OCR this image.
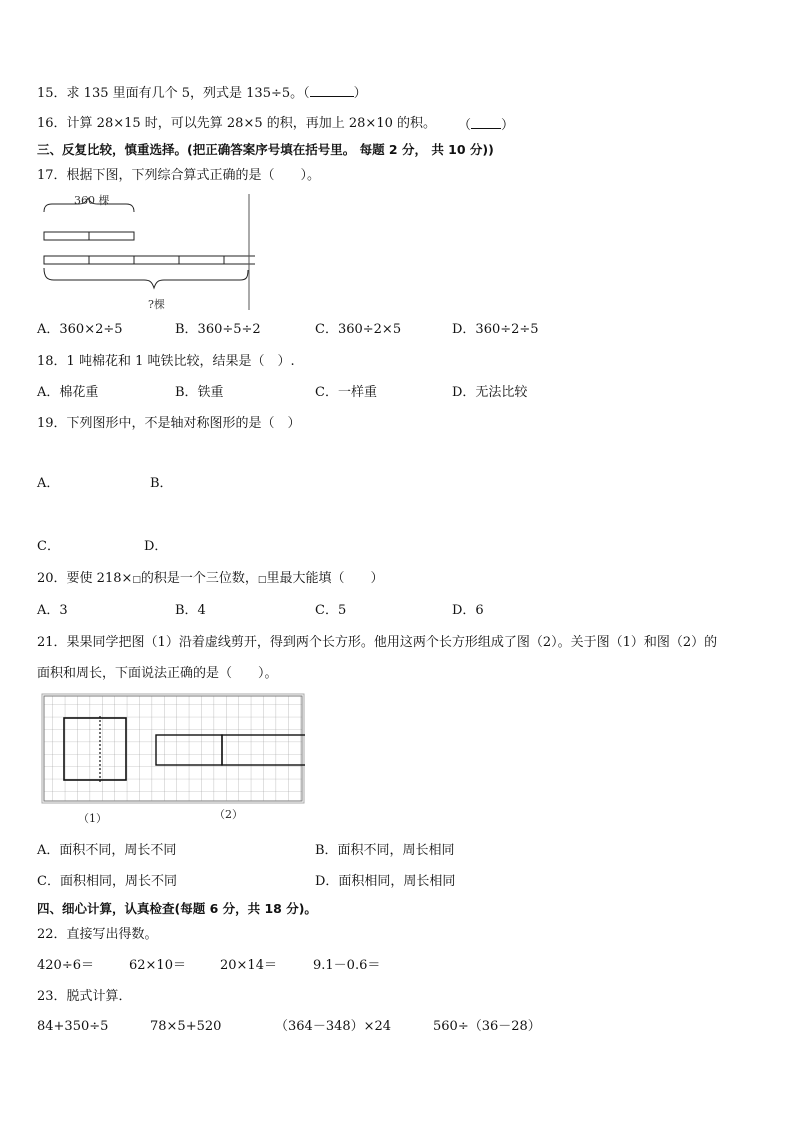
15．求 135 里面有几个 5，列式是 135÷5。（	）
16．计算 28×15 时，可以先算 28×5 的积，再加上 28×10 的积。 （ ）
三、反复比较，慎重选择。(把正确答案序号填在括号里。 每题 2 分， 共 10 分))
17．根据下图，下列综合算式正确的是（　　）。
360 棵
?棵
A．360×2÷5	B．360÷5÷2	C．360÷2×5	D．360÷2÷5
18．1 吨棉花和 1 吨铁比较，结果是（　）.
A．棉花重	B．铁重	C．一样重	D．无法比较
19．下列图形中，不是轴对称图形的是（　）
A．	B．
C．	D．
20．要使 218×□的积是一个三位数，□里最大能填（　　）
A．3	B．4	C．5	D．6
21．果果同学把图（1）沿着虚线剪开，得到两个长方形。他用这两个长方形组成了图（2）。关于图（1）和图（2）的
面积和周长，下面说法正确的是（　　）。
（1）	（2）
A．面积不同，周长不同	B．面积不同，周长相同
C．面积相同，周长不同	D．面积相同，周长相同
四、细心计算，认真检查(每题 6 分，共 18 分)。
22．直接写出得数。
420÷6＝	62×10＝	20×14＝	9.1－0.6＝
23．脱式计算．
84+350÷5	78×5+520	（364－348）×24	560÷（36－28）
